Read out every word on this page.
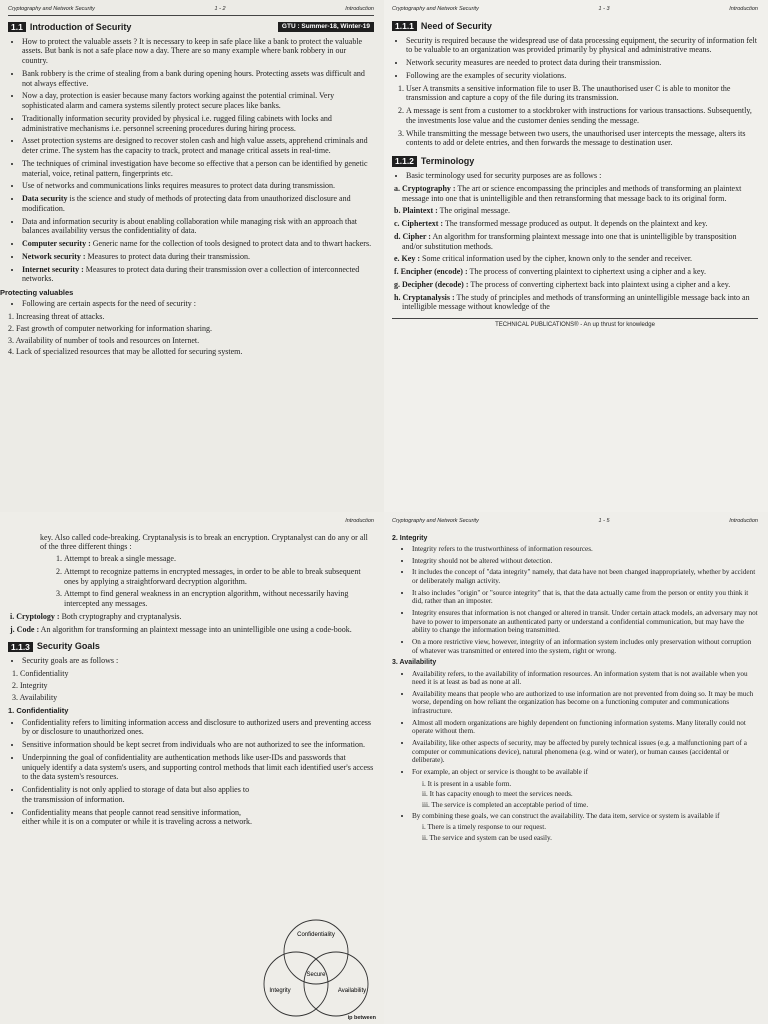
Cryptography and Network Security	1 - 2	Introduction
1.1 Introduction of Security	GTU : Summer-18, Winter-19
• How to protect the valuable assets ? It is necessary to keep in safe place like a bank to protect the valuable assets. But bank is not a safe place now a day. There are so many example where bank robbery in our country.
• Bank robbery is the crime of stealing from a bank during opening hours. Protecting assets was difficult and not always effective.
• Now a day, protection is easier because many factors working against the potential criminal. Very sophisticated alarm and camera systems silently protect secure places like banks.
• Traditionally information security provided by physical i.e. rugged filing cabinets with locks and administrative mechanisms i.e. personnel screening procedures during hiring process.
• Asset protection systems are designed to recover stolen cash and high value assets, apprehend criminals and deter crime. The system has the capacity to track, protect and manage critical assets in real-time.
• The techniques of criminal investigation have become so effective that a person can be identified by genetic material, voice, retinal pattern, fingerprints etc.
• Use of networks and communications links requires measures to protect data during transmission.
• Data security is the science and study of methods of protecting data from unauthorized disclosure and modification.
• Data and information security is about enabling collaboration while managing risk with an approach that balances availability versus the confidentiality of data.
• Computer security : Generic name for the collection of tools designed to protect data and to thwart hackers.
• Network security : Measures to protect data during their transmission.
• Internet security : Measures to protect data during their transmission over a collection of interconnected networks.
Protecting valuables
• Following are certain aspects for the need of security :
1. Increasing threat of attacks.
2. Fast growth of computer networking for information sharing.
3. Availability of number of tools and resources on Internet.
4. Lack of specialized resources that may be allotted for securing system.
Cryptography and Network Security	1 - 3	Introduction
1.1.1 Need of Security
• Security is required because the widespread use of data processing equipment, the security of information felt to be valuable to an organization was provided primarily by physical and administrative means.
• Network security measures are needed to protect data during their transmission.
• Following are the examples of security violations.
1. User A transmits a sensitive information file to user B. The unauthorised user C is able to monitor the transmission and capture a copy of the file during its transmission.
2. A message is sent from a customer to a stockbroker with instructions for various transactions. Subsequently, the investments lose value and the customer denies sending the message.
3. While transmitting the message between two users, the unauthorised user intercepts the message, alters its contents to add or delete entries, and then forwards the message to destination user.
1.1.2 Terminology
• Basic terminology used for security purposes are as follows :
a. Cryptography : The art or science encompassing the principles and methods of transforming an plaintext message into one that is unintelligible and then retransforming that message back to its original form.
b. Plaintext : The original message.
c. Ciphertext : The transformed message produced as output. It depends on the plaintext and key.
d. Cipher : An algorithm for transforming plaintext message into one that is unintelligible by transposition and/or substitution methods.
e. Key : Some critical information used by the cipher, known only to the sender and receiver.
f. Encipher (encode) : The process of converting plaintext to ciphertext using a cipher and a key.
g. Decipher (decode) : The process of converting ciphertext back into plaintext using a cipher and a key.
h. Cryptanalysis : The study of principles and methods of transforming an unintelligible message back into an intelligible message without knowledge of the
TECHNICAL PUBLICATIONS® - An up thrust for knowledge
Introduction
key. Also called code-breaking. Cryptanalysis is to break an encryption. Cryptanalyst can do any or all of the three different things :
1. Attempt to break a single message.
2. Attempt to recognize patterns in encrypted messages, in order to be able to break subsequent ones by applying a straightforward decryption algorithm.
3. Attempt to find general weakness in an encryption algorithm, without necessarily having intercepted any messages.
i. Cryptology : Both cryptography and cryptanalysis.
j. Code : An algorithm for transforming an plaintext message into an unintelligible one using a code-book.
1.1.3 Security Goals
• Security goals are as follows :
1. Confidentiality
2. Integrity
3. Availability
1. Confidentiality
• Confidentiality refers to limiting information access and disclosure to authorized users and preventing access by or disclosure to unauthorized ones.
• Sensitive information should be kept secret from individuals who are not authorized to see the information.
• Underpinning the goal of confidentiality are authentication methods like user-IDs and passwords that uniquely identify a data system's users, and supporting control methods that limit each identified user's access to the data system's resources.
• Confidentiality is not only applied to storage of data but also applies to the transmission of information.
• Confidentiality means that people cannot read sensitive information, either while it is on a computer or while it is traveling across a network.
Confidentiality
Integrity	Availability
Secure
ip between
Cryptography and Network Security	1 - 5	Introduction
2. Integrity
• Integrity refers to the trustworthiness of information resources.
• Integrity should not be altered without detection.
• It includes the concept of "data integrity" namely, that data have not been changed inappropriately, whether by accident or deliberately malign activity.
• It also includes "origin" or "source integrity" that is, that the data actually came from the person or entity you think it did, rather than an imposter.
• Integrity ensures that information is not changed or altered in transit. Under certain attack models, an adversary may not have to power to impersonate an authenticated party or understand a confidential communication, but may have the ability to change the information being transmitted.
• On a more restrictive view, however, integrity of an information system includes only preservation without corruption of whatever was transmitted or entered into the system, right or wrong.
3. Availability
• Availability refers, to the availability of information resources. An information system that is not available when you need it is at least as bad as none at all.
• Availability means that people who are authorized to use information are not prevented from doing so. It may be much worse, depending on how reliant the organization has become on a functioning computer and communications infrastructure.
• Almost all modern organizations are highly dependent on functioning information systems. Many literally could not operate without them.
• Availability, like other aspects of security, may be affected by purely technical issues (e.g. a malfunctioning part of a computer or communications device), natural phenomena (e.g. wind or water), or human causes (accidental or deliberate).
• For example, an object or service is thought to be available if
i. It is present in a usable form.
ii. It has capacity enough to meet the services needs.
iii. The service is completed an acceptable period of time.
• By combining these goals, we can construct the availability. The data item, service or system is available if
i. There is a timely response to our request.
ii. The service and system can be used easily.
